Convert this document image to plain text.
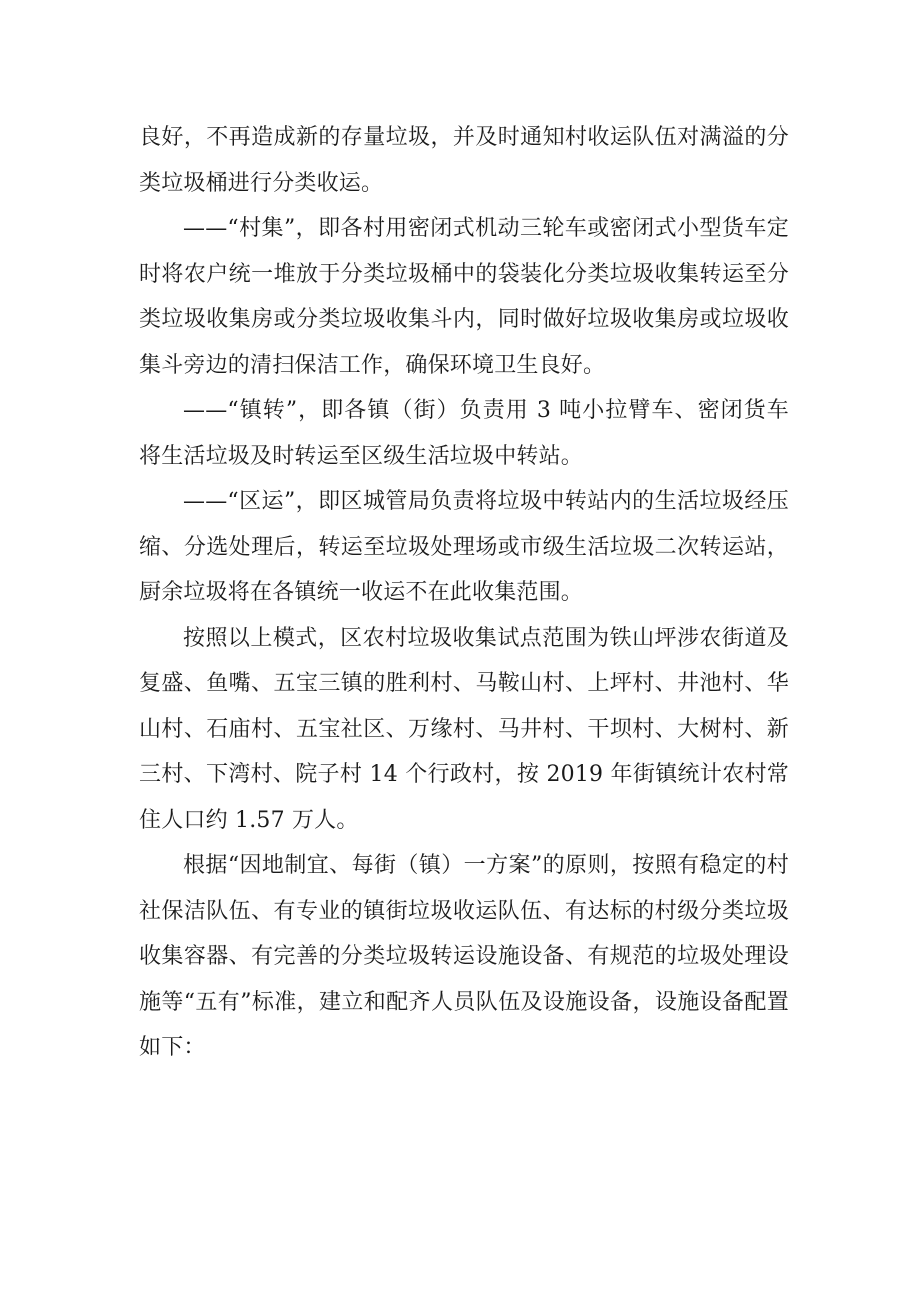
良好，不再造成新的存量垃圾，并及时通知村收运队伍对满溢的分类垃圾桶进行分类收运。

——“村集”，即各村用密闭式机动三轮车或密闭式小型货车定时将农户统一堆放于分类垃圾桶中的袋装化分类垃圾收集转运至分类垃圾收集房或分类垃圾收集斗内，同时做好垃圾收集房或垃圾收集斗旁边的清扫保洁工作，确保环境卫生良好。

——“镇转”，即各镇（街）负责用 3 吨小拉臂车、密闭货车将生活垃圾及时转运至区级生活垃圾中转站。

——“区运”，即区城管局负责将垃圾中转站内的生活垃圾经压缩、分选处理后，转运至垃圾处理场或市级生活垃圾二次转运站，厨余垃圾将在各镇统一收运不在此收集范围。

按照以上模式，区农村垃圾收集试点范围为铁山坪涉农街道及复盛、鱼嘴、五宝三镇的胜利村、马鞍山村、上坪村、井池村、华山村、石庙村、五宝社区、万缘村、马井村、干坝村、大树村、新三村、下湾村、院子村 14 个行政村，按 2019 年街镇统计农村常住人口约 1.57 万人。

根据“因地制宜、每街（镇）一方案”的原则，按照有稳定的村社保洁队伍、有专业的镇街垃圾收运队伍、有达标的村级分类垃圾收集容器、有完善的分类垃圾转运设施设备、有规范的垃圾处理设施等“五有”标准，建立和配齐人员队伍及设施设备，设施设备配置如下：
